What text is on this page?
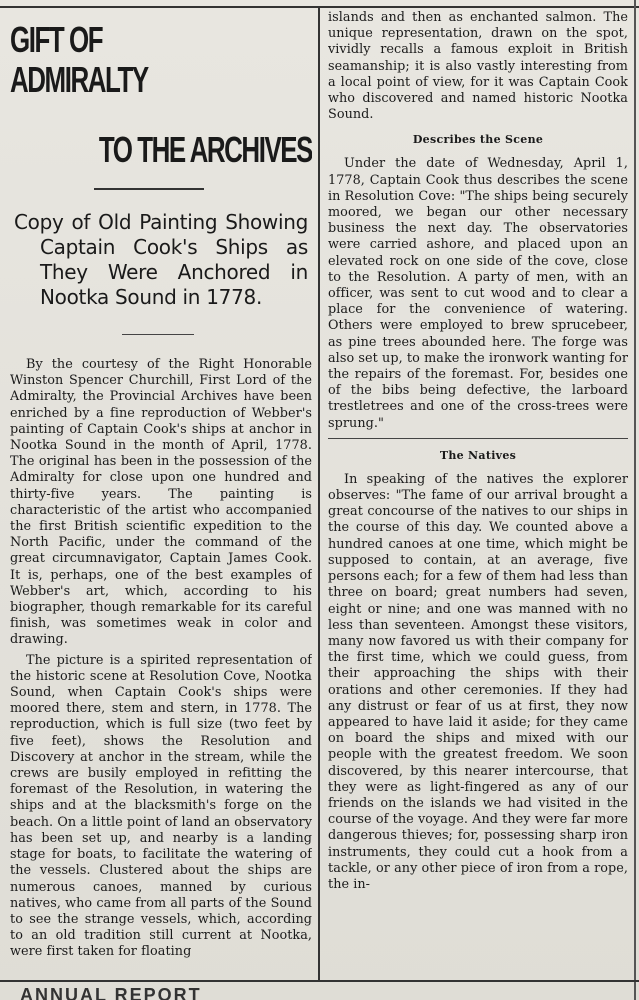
GIFT OF ADMIRALTY
TO THE ARCHIVES

Copy of Old Painting Showing

Captain Cook's Ships as

They Were Anchored in

Nootka Sound in 1778.

By the courtesy of the Right Honorable Winston Spencer Churchill, First Lord of the Admiralty, the Provincial Archives have been enriched by a fine reproduction of Webber's painting of Captain Cook's ships at anchor in Nootka Sound in the month of April, 1778. The original has been in the possession of the Admiralty for close upon one hundred and thirty-five years. The painting is characteristic of the artist who accompanied the first British scientific expedition to the North Pacific, under the command of the great circumnavigator, Captain James Cook. It is, perhaps, one of the best examples of Webber's art, which, according to his biographer, though remarkable for its careful finish, was sometimes weak in color and drawing.

The picture is a spirited representation of the historic scene at Resolution Cove, Nootka Sound, when Captain Cook's ships were moored there, stem and stern, in 1778. The reproduction, which is full size (two feet by five feet), shows the Resolution and Discovery at anchor in the stream, while the crews are busily employed in refitting the foremast of the Resolution, in watering the ships and at the blacksmith's forge on the beach. On a little point of land an observatory has been set up, and nearby is a landing stage for boats, to facilitate the watering of the vessels. Clustered about the ships are numerous canoes, manned by curious natives, who came from all parts of the Sound to see the strange vessels, which, according to an old tradition still current at Nootka, were first taken for floating

islands and then as enchanted salmon. The unique representation, drawn on the spot, vividly recalls a famous exploit in British seamanship; it is also vastly interesting from a local point of view, for it was Captain Cook who discovered and named historic Nootka Sound.

Describes the Scene

Under the date of Wednesday, April 1, 1778, Captain Cook thus describes the scene in Resolution Cove: "The ships being securely moored, we began our other necessary business the next day. The observatories were carried ashore, and placed upon an elevated rock on one side of the cove, close to the Resolution. A party of men, with an officer, was sent to cut wood and to clear a place for the convenience of watering. Others were employed to brew sprucebeer, as pine trees abounded here. The forge was also set up, to make the ironwork wanting for the repairs of the foremast. For, besides one of the bibs being defective, the larboard trestletrees and one of the cross-trees were sprung."

The Natives

In speaking of the natives the explorer observes: "The fame of our arrival brought a great concourse of the natives to our ships in the course of this day. We counted above a hundred canoes at one time, which might be supposed to contain, at an average, five persons each; for a few of them had less than three on board; great numbers had seven, eight or nine; and one was manned with no less than seventeen. Amongst these visitors, many now favored us with their company for the first time, which we could guess, from their approaching the ships with their orations and other ceremonies. If they had any distrust or fear of us at first, they now appeared to have laid it aside; for they came on board the ships and mixed with our people with the greatest freedom. We soon discovered, by this nearer intercourse, that they were as light-fingered as any of our friends on the islands we had visited in the course of the voyage. And they were far more dangerous thieves; for, possessing sharp iron instruments, they could cut a hook from a tackle, or any other piece of iron from a rope, the in-

ANNUAL REPORT
